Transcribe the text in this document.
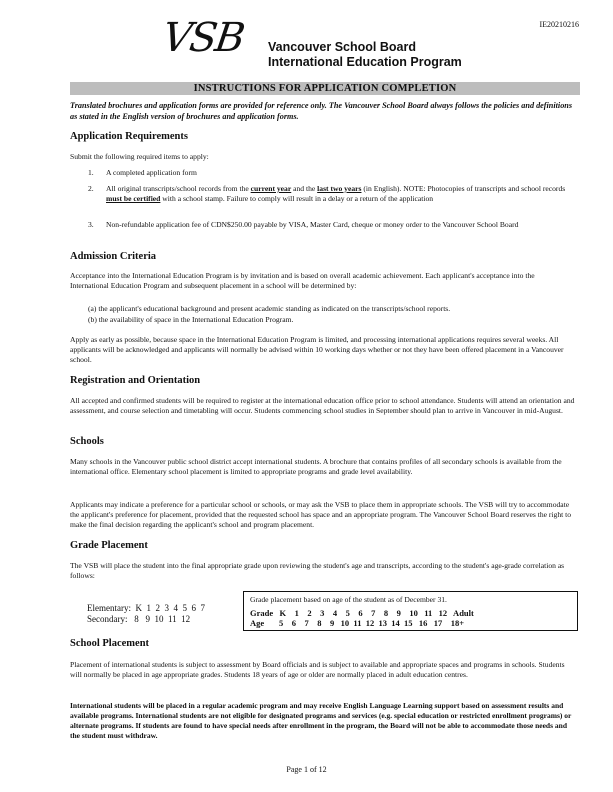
IE20210216
VSB Vancouver School Board
International Education Program
INSTRUCTIONS FOR APPLICATION COMPLETION
Translated brochures and application forms are provided for reference only. The Vancouver School Board always follows the policies and definitions as stated in the English version of brochures and application forms.
Application Requirements
Submit the following required items to apply:
1. A completed application form
2. All original transcripts/school records from the current year and the last two years (in English). NOTE: Photocopies of transcripts and school records must be certified with a school stamp. Failure to comply will result in a delay or a return of the application
3. Non-refundable application fee of CDN$250.00 payable by VISA, Master Card, cheque or money order to the Vancouver School Board
Admission Criteria
Acceptance into the International Education Program is by invitation and is based on overall academic achievement. Each applicant's acceptance into the International Education Program and subsequent placement in a school will be determined by:
(a) the applicant's educational background and present academic standing as indicated on the transcripts/school reports.
(b) the availability of space in the International Education Program.
Apply as early as possible, because space in the International Education Program is limited, and processing international applications requires several weeks. All applicants will be acknowledged and applicants will normally be advised within 10 working days whether or not they have been offered placement in a Vancouver school.
Registration and Orientation
All accepted and confirmed students will be required to register at the international education office prior to school attendance. Students will attend an orientation and assessment, and course selection and timetabling will occur. Students commencing school studies in September should plan to arrive in Vancouver in mid-August.
Schools
Many schools in the Vancouver public school district accept international students. A brochure that contains profiles of all secondary schools is available from the international office. Elementary school placement is limited to appropriate programs and grade level availability.
Applicants may indicate a preference for a particular school or schools, or may ask the VSB to place them in appropriate schools. The VSB will try to accommodate the applicant's preference for placement, provided that the requested school has space and an appropriate program. The Vancouver School Board reserves the right to make the final decision regarding the applicant's school and program placement.
Grade Placement
The VSB will place the student into the final appropriate grade upon reviewing the student's age and transcripts, according to the student's age-grade correlation as follows:
Elementary:  K  1  2  3  4  5  6  7
Secondary:   8   9  10  11  12
Grade placement based on age of the student as of December 31.
Grade   K    1    2    3    4    5    6    7    8    9    10   11   12   Adult
Age       5    6    7    8    9   10  11  12  13  14  15   16   17    18+
School Placement
Placement of international students is subject to assessment by Board officials and is subject to available and appropriate spaces and programs in schools. Students will normally be placed in age appropriate grades. Students 18 years of age or older are normally placed in adult education centres.
International students will be placed in a regular academic program and may receive English Language Learning support based on assessment results and available programs. International students are not eligible for designated programs and services (e.g. special education or restricted enrollment programs) or alternate programs. If students are found to have special needs after enrollment in the program, the Board will not be able to accommodate those needs and the student must withdraw.
Page 1 of 12
